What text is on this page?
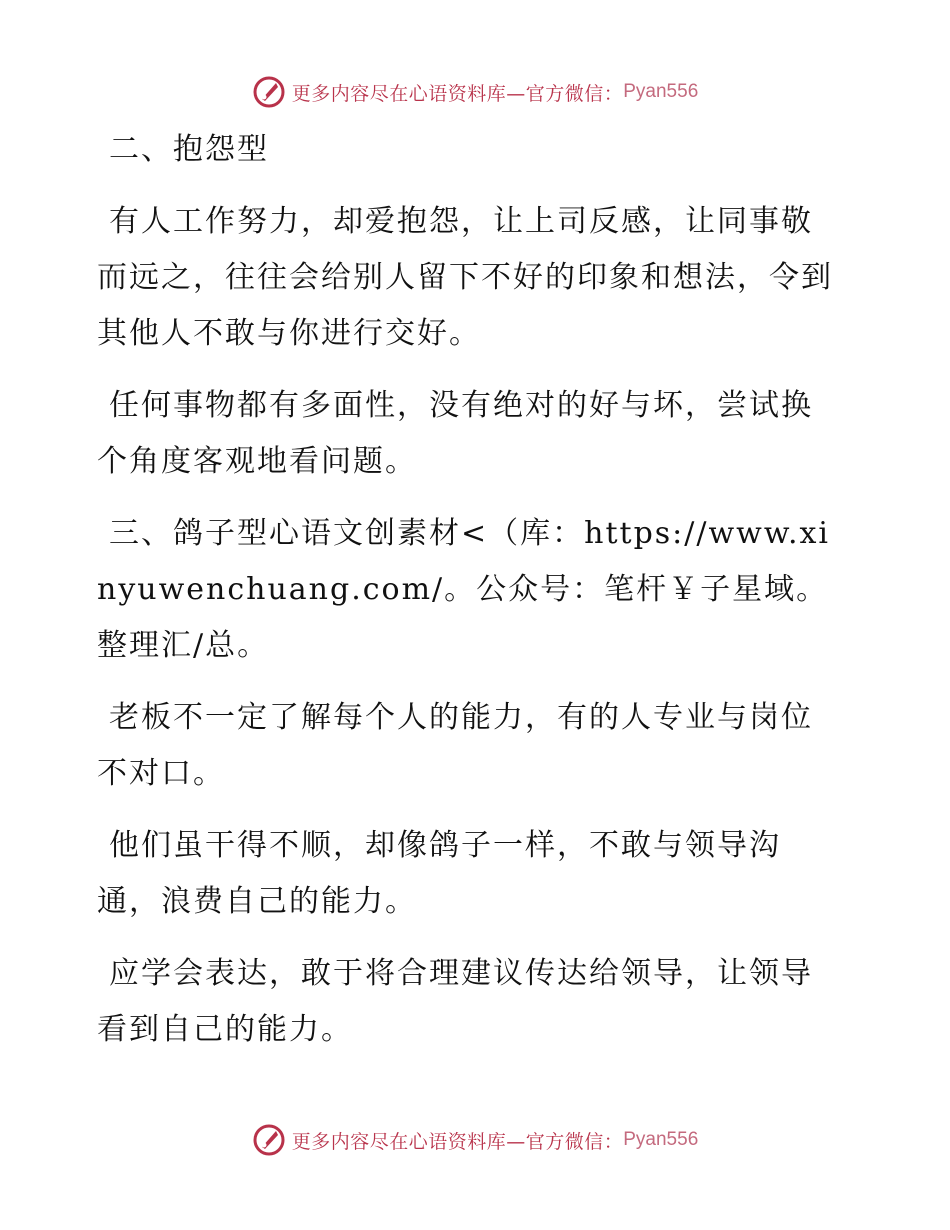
更多内容尽在心语资料库—官方微信： Pyan556

二、抱怨型

有人工作努力，却爱抱怨，让上司反感，让同事敬而远之，往往会给别人留下不好的印象和想法，令到其他人不敢与你进行交好。

任何事物都有多面性，没有绝对的好与坏，尝试换个角度客观地看问题。

三、鸽子型心语文创素材<（库：https://www.xinyuwenchuang.com/。公众号：笔杆￥子星域。整理汇/总。

老板不一定了解每个人的能力，有的人专业与岗位不对口。

他们虽干得不顺，却像鸽子一样，不敢与领导沟通，浪费自己的能力。

应学会表达，敢于将合理建议传达给领导，让领导看到自己的能力。

更多内容尽在心语资料库—官方微信： Pyan556
